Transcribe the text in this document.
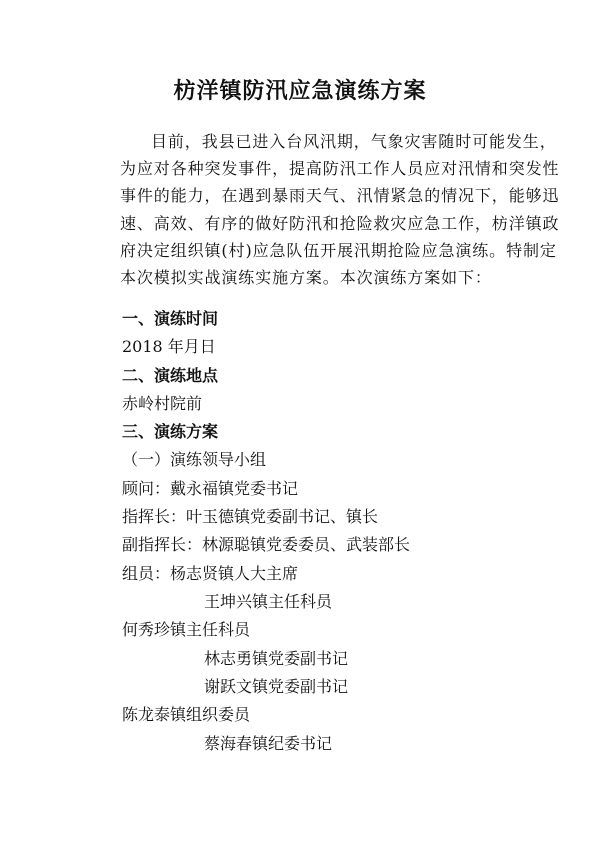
枋洋镇防汛应急演练方案
目前，我县已进入台风汛期，气象灾害随时可能发生，
为应对各种突发事件，提高防汛工作人员应对汛情和突发性
事件的能力，在遇到暴雨天气、汛情紧急的情况下，能够迅
速、高效、有序的做好防汛和抢险救灾应急工作，枋洋镇政
府决定组织镇(村)应急队伍开展汛期抢险应急演练。特制定
本次模拟实战演练实施方案。本次演练方案如下：
一、演练时间
2018 年月日
二、演练地点
赤岭村院前
三、演练方案
（一）演练领导小组
顾问：戴永福镇党委书记
指挥长：叶玉德镇党委副书记、镇长
副指挥长：林源聪镇党委委员、武装部长
组员：杨志贤镇人大主席
王坤兴镇主任科员
何秀珍镇主任科员
林志勇镇党委副书记
谢跃文镇党委副书记
陈龙泰镇组织委员
蔡海春镇纪委书记
